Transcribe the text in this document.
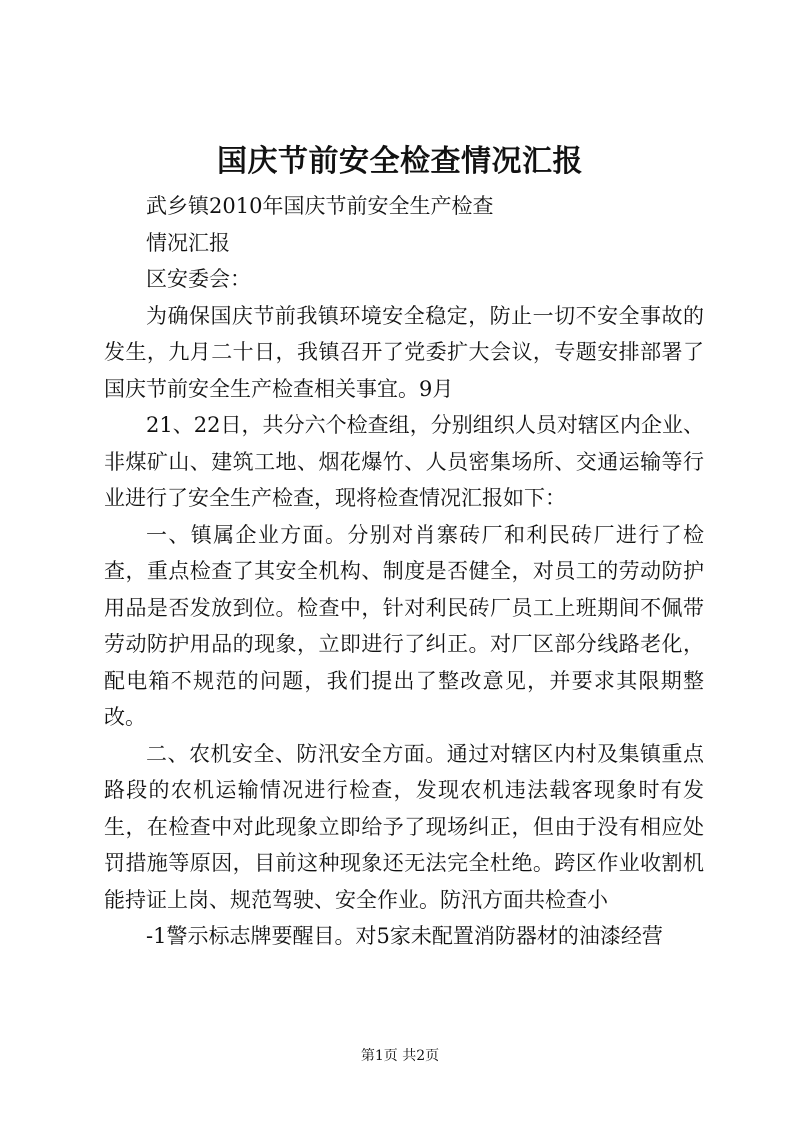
国庆节前安全检查情况汇报

武乡镇2010年国庆节前安全生产检查

情况汇报

区安委会：

为确保国庆节前我镇环境安全稳定，防止一切不安全事故的发生，九月二十日，我镇召开了党委扩大会议，专题安排部署了国庆节前安全生产检查相关事宜。9月

21、22日，共分六个检查组，分别组织人员对辖区内企业、非煤矿山、建筑工地、烟花爆竹、人员密集场所、交通运输等行业进行了安全生产检查，现将检查情况汇报如下：

一、镇属企业方面。分别对肖寨砖厂和利民砖厂进行了检查，重点检查了其安全机构、制度是否健全，对员工的劳动防护用品是否发放到位。检查中，针对利民砖厂员工上班期间不佩带劳动防护用品的现象，立即进行了纠正。对厂区部分线路老化，配电箱不规范的问题，我们提出了整改意见，并要求其限期整改。

二、农机安全、防汛安全方面。通过对辖区内村及集镇重点路段的农机运输情况进行检查，发现农机违法载客现象时有发生，在检查中对此现象立即给予了现场纠正，但由于没有相应处罚措施等原因，目前这种现象还无法完全杜绝。跨区作业收割机能持证上岗、规范驾驶、安全作业。防汛方面共检查小

-1警示标志牌要醒目。对5家未配置消防器材的油漆经营

第1页 共2页
